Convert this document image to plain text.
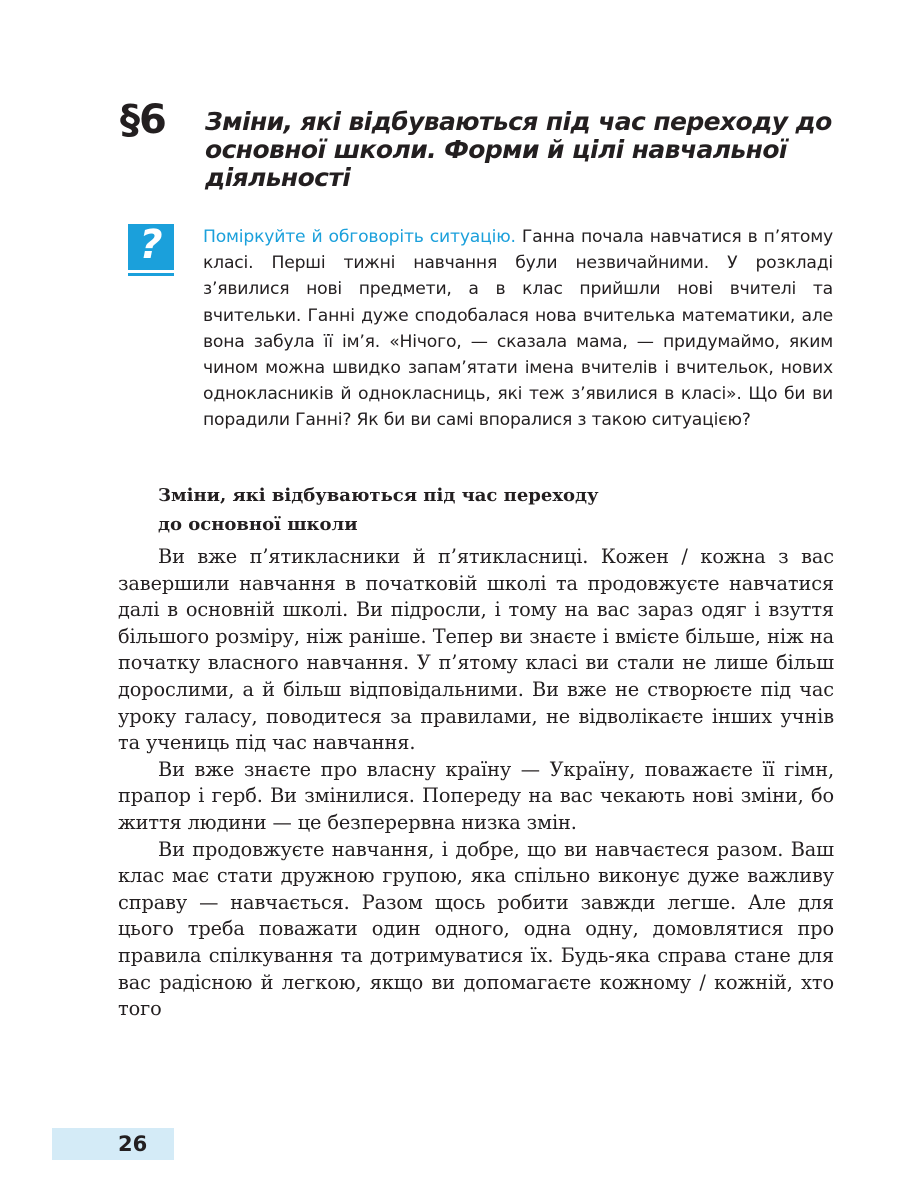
§6 Зміни, які відбуваються під час переходу до основної школи. Форми й цілі навчальної діяльності
?	Поміркуйте й обговоріть ситуацію. Ганна почала навчатися в п’ятому класі. Перші тижні навчання були незвичайними. У розкладі з’явилися нові предмети, а в клас прийшли нові вчителі та вчительки. Ганні дуже сподобалася нова вчителька математики, але вона забула її ім’я. «Нічого, — сказала мама, — придумаймо, яким чином можна швидко запам’ятати імена вчителів і вчительок, нових однокласників й однокласниць, які теж з’явилися в класі». Що би ви порадили Ганні? Як би ви самі впоралися з такою ситуацією?
Зміни, які відбуваються під час переходу
до основної школи

Ви вже п’ятикласники й п’ятикласниці. Кожен / кожна з вас завершили навчання в початковій школі та продовжуєте навчатися далі в основній школі. Ви підросли, і тому на вас зараз одяг і взуття більшого розміру, ніж раніше. Тепер ви знаєте і вмієте більше, ніж на початку власного навчання. У п’ятому класі ви стали не лише більш дорослими, а й більш відповідальними. Ви вже не створюєте під час уроку галасу, поводитеся за правилами, не відволікаєте інших учнів та учениць під час навчання.

Ви вже знаєте про власну країну — Україну, поважаєте її гімн, прапор і герб. Ви змінилися. Попереду на вас чекають нові зміни, бо життя людини — це безперервна низка змін.

Ви продовжуєте навчання, і добре, що ви навчаєтеся разом. Ваш клас має стати дружною групою, яка спільно виконує дуже важливу справу — навчається. Разом щось робити завжди легше. Але для цього треба поважати один одного, одна одну, домовлятися про правила спілкування та дотримуватися їх. Будь-яка справа стане для вас радісною й легкою, якщо ви допомагаєте кожному / кожній, хто того

26
